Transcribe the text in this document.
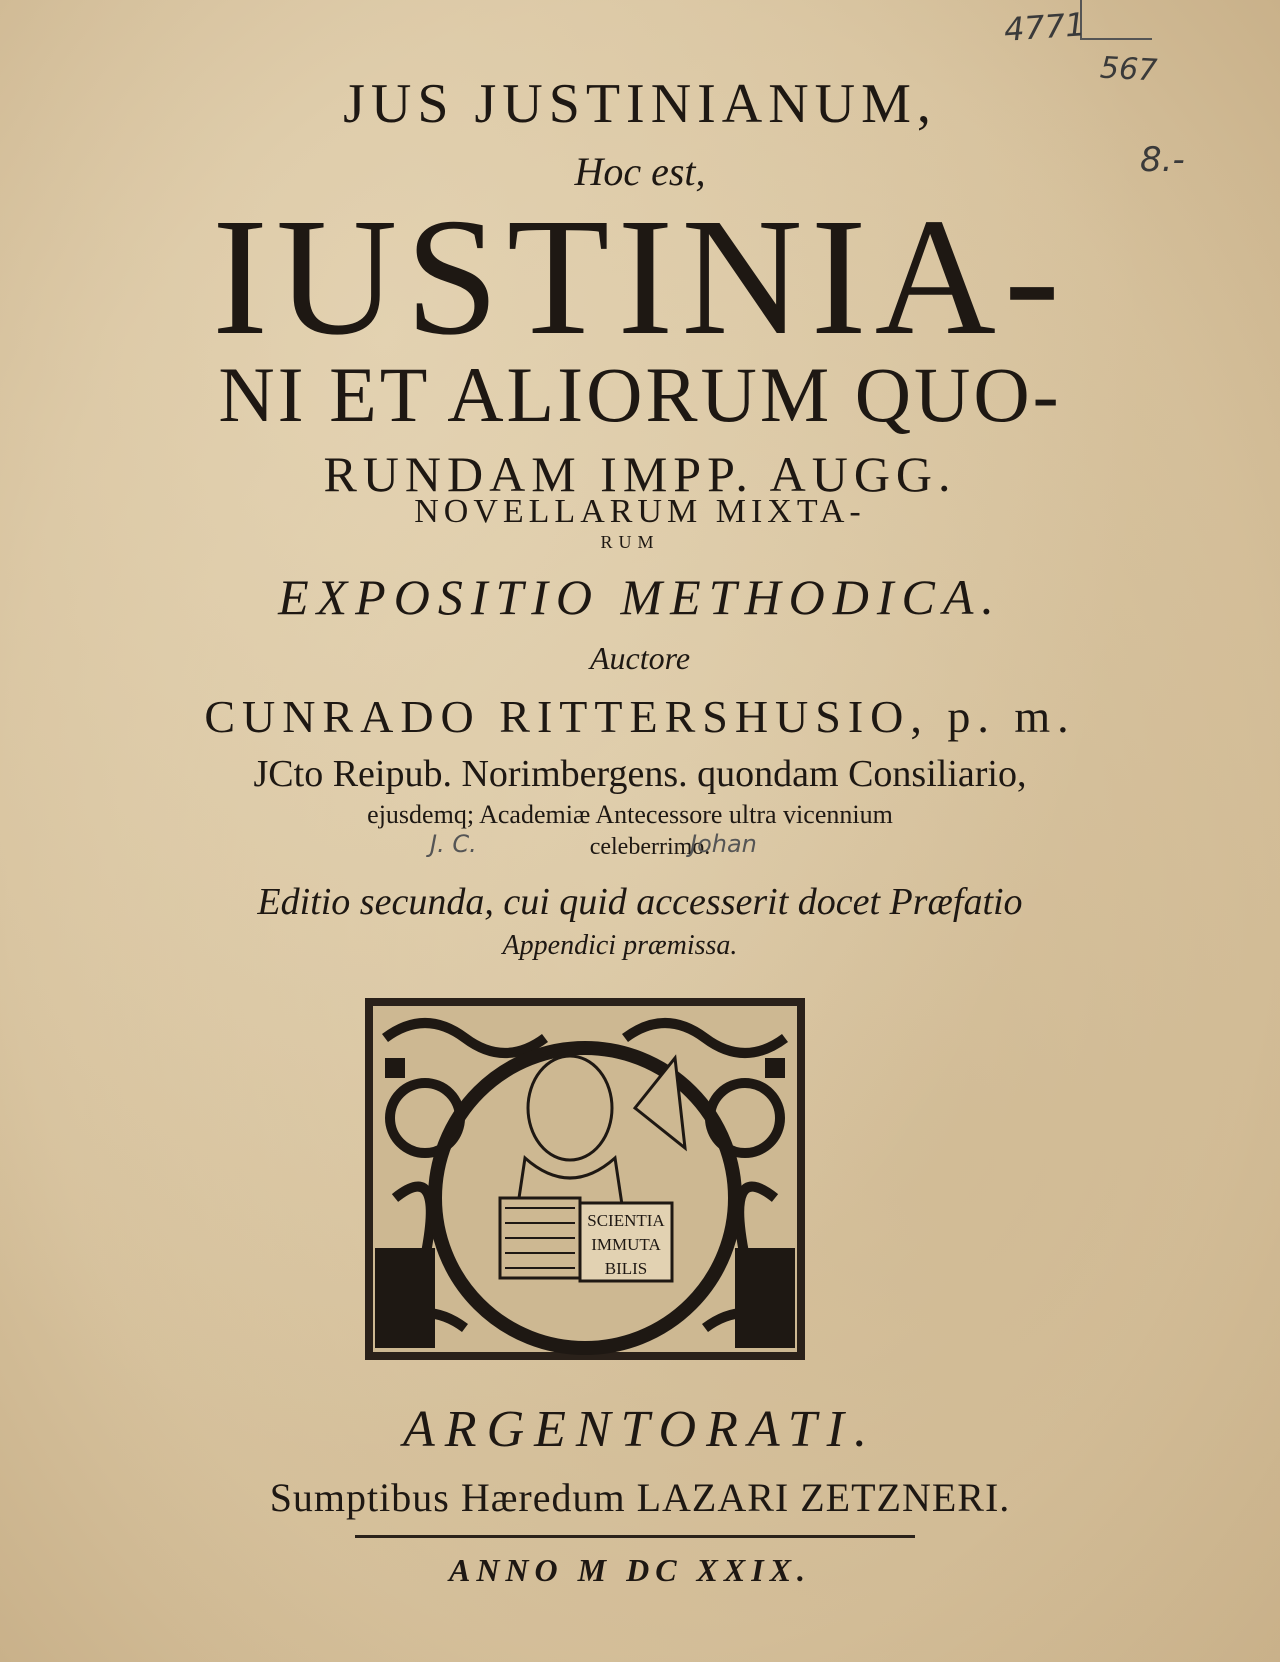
4771
567
8.-
JUS JUSTINIANUM,
Hoc est,
IUSTINIA-
NI ET ALIORUM QUO-
RUNDAM IMPP. AUGG.
NOVELLARUM MIXTA-
RUM
EXPOSITIO METHODICA.
Auctore
CUNRADO RITTERSHUSIO, p. m.
JCto Reipub. Norimbergens. quondam Consiliario,
ejusdemq; Academiæ Antecessore ultra vicennium
celeberrimo.
J. C.	Johan
Editio secunda, cui quid accesserit docet Præfatio
Appendici præmissa.
SCIENTIA
IMMUTA
BILIS
ARGENTORATI.
Sumptibus Hæredum LAZARI ZETZNERI.
ANNO M DC XXIX.
